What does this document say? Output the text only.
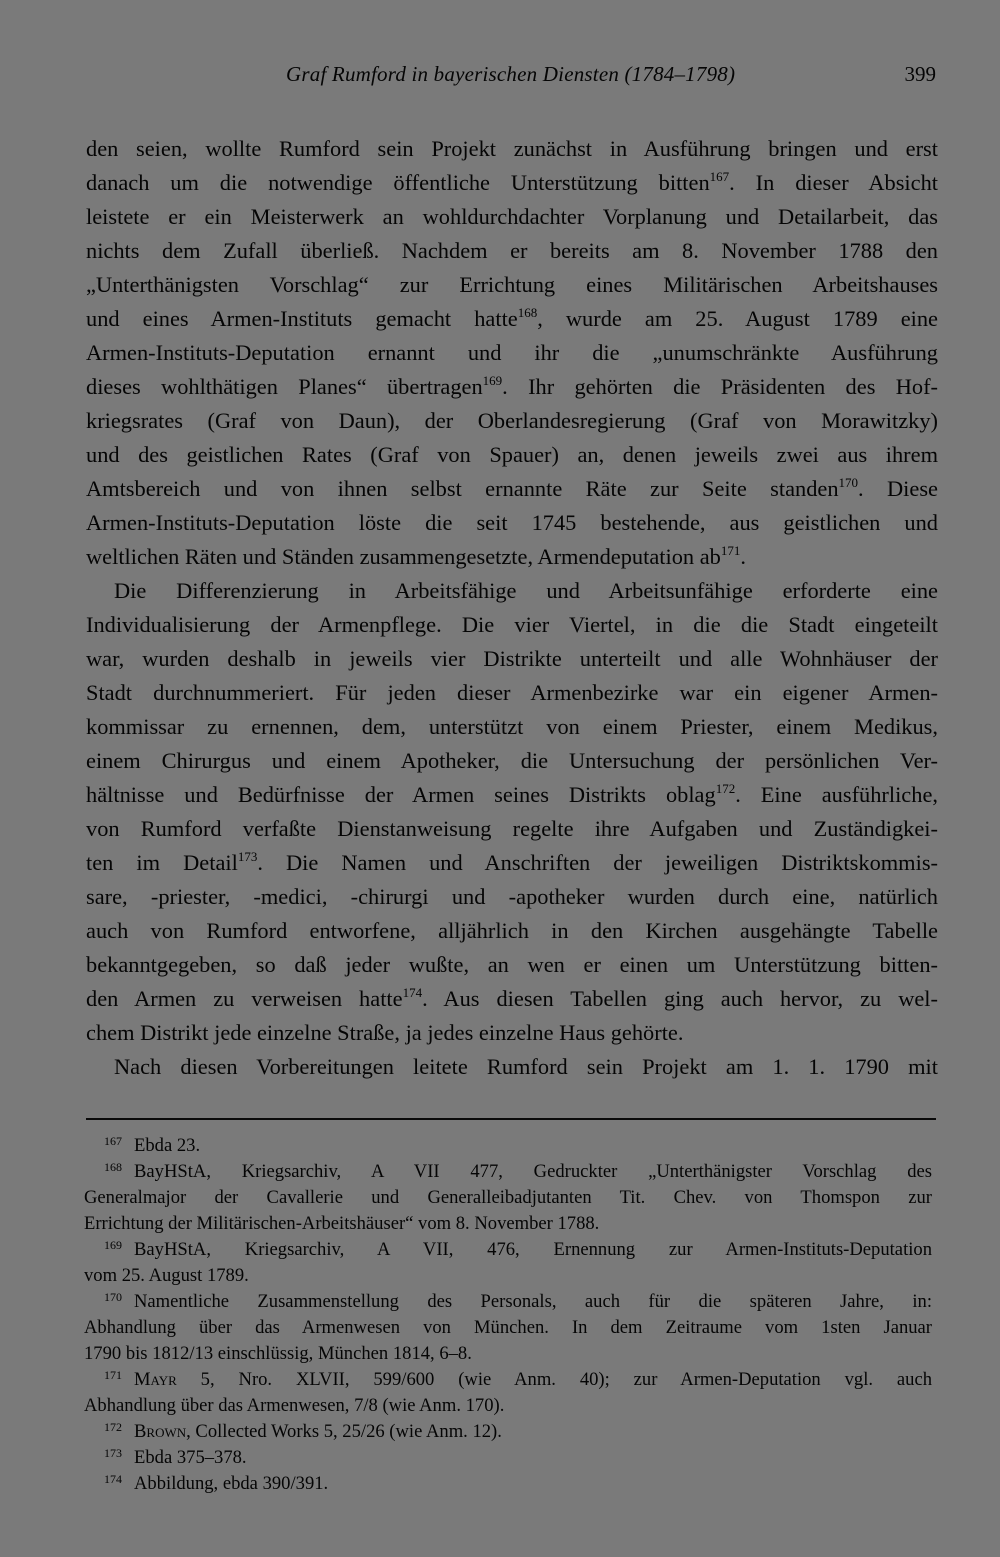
Graf Rumford in bayerischen Diensten (1784–1798)	399

den seien, wollte Rumford sein Projekt zunächst in Ausführung bringen und erst
danach um die notwendige öffentliche Unterstützung bitten$^{167}$. In dieser Absicht
leistete er ein Meisterwerk an wohldurchdachter Vorplanung und Detailarbeit, das
nichts dem Zufall überließ. Nachdem er bereits am 8. November 1788 den
„Unterthänigsten Vorschlag“ zur Errichtung eines Militärischen Arbeitshauses
und eines Armen-Instituts gemacht hatte$^{168}$, wurde am 25. August 1789 eine
Armen-Instituts-Deputation ernannt und ihr die „unumschränkte Ausführung
dieses wohlthätigen Planes“ übertragen$^{169}$. Ihr gehörten die Präsidenten des Hof-
kriegsrates (Graf von Daun), der Oberlandesregierung (Graf von Morawitzky)
und des geistlichen Rates (Graf von Spauer) an, denen jeweils zwei aus ihrem
Amtsbereich und von ihnen selbst ernannte Räte zur Seite standen$^{170}$. Diese
Armen-Instituts-Deputation löste die seit 1745 bestehende, aus geistlichen und
weltlichen Räten und Ständen zusammengesetzte, Armendeputation $ab^{171}$.

Die Differenzierung in Arbeitsfähige und Arbeitsunfähige erforderte eine
Individualisierung der Armenpflege. Die vier Viertel, in die die Stadt eingeteilt
war, wurden deshalb in jeweils vier Distrikte unterteilt und alle Wohnhäuser der
Stadt durchnummeriert. Für jeden dieser Armenbezirke war ein eigener Armen-
kommissar zu ernennen, dem, unterstützt von einem Priester, einem Medikus,
einem Chirurgus und einem Apotheker, die Untersuchung der persönlichen Ver-
hältnisse und Bedürfnisse der Armen seines Distrikts oblag$^{172}$. Eine ausführliche,
von Rumford verfaßte Dienstanweisung regelte ihre Aufgaben und Zuständigkei-
ten im Detail$^{173}$. Die Namen und Anschriften der jeweiligen Distriktskommis-
sare, -priester, -medici, -chirurgi und -apotheker wurden durch eine, natürlich
auch von Rumford entworfene, alljährlich in den Kirchen ausgehängte Tabelle
bekanntgegeben, so daß jeder wußte, an wen er einen um Unterstützung bitten-
den Armen zu verweisen hatte$^{174}$. Aus diesen Tabellen ging auch hervor, zu wel-
chem Distrikt jede einzelne Straße, ja jedes einzelne Haus gehörte.

Nach diesen Vorbereitungen leitete Rumford sein Projekt am 1. 1. 1790 mit

$^{167}$ Ebda 23.
$^{168}$ BayHStA, Kriegsarchiv, A VII 477, Gedruckter „Unterthänigster Vorschlag des
Generalmajor der Cavallerie und Generalleibadjutanten Tit. Chev. von Thomspon zur
Errichtung der Militärischen-Arbeitshäuser“ vom 8. November 1788.
$^{169}$ BayHStA, Kriegsarchiv, A VII, 476, Ernennung zur Armen-Instituts-Deputation
vom 25. August 1789.
$^{170}$ Namentliche Zusammenstellung des Personals, auch für die späteren Jahre, in:
Abhandlung über das Armenwesen von München. In dem Zeitraume vom 1sten Januar
1790 bis 1812/13 einschlüssig, München 1814, 6–8.
$^{171}$ Mayr 5, Nro. XLVII, 599/600 (wie Anm. 40); zur Armen-Deputation vgl. auch
Abhandlung über das Armenwesen, 7/8 (wie Anm. 170).
$^{172}$ Brown, Collected Works 5, 25/26 (wie Anm. 12).
$^{173}$ Ebda 375–378.
$^{174}$ Abbildung, ebda 390/391.
